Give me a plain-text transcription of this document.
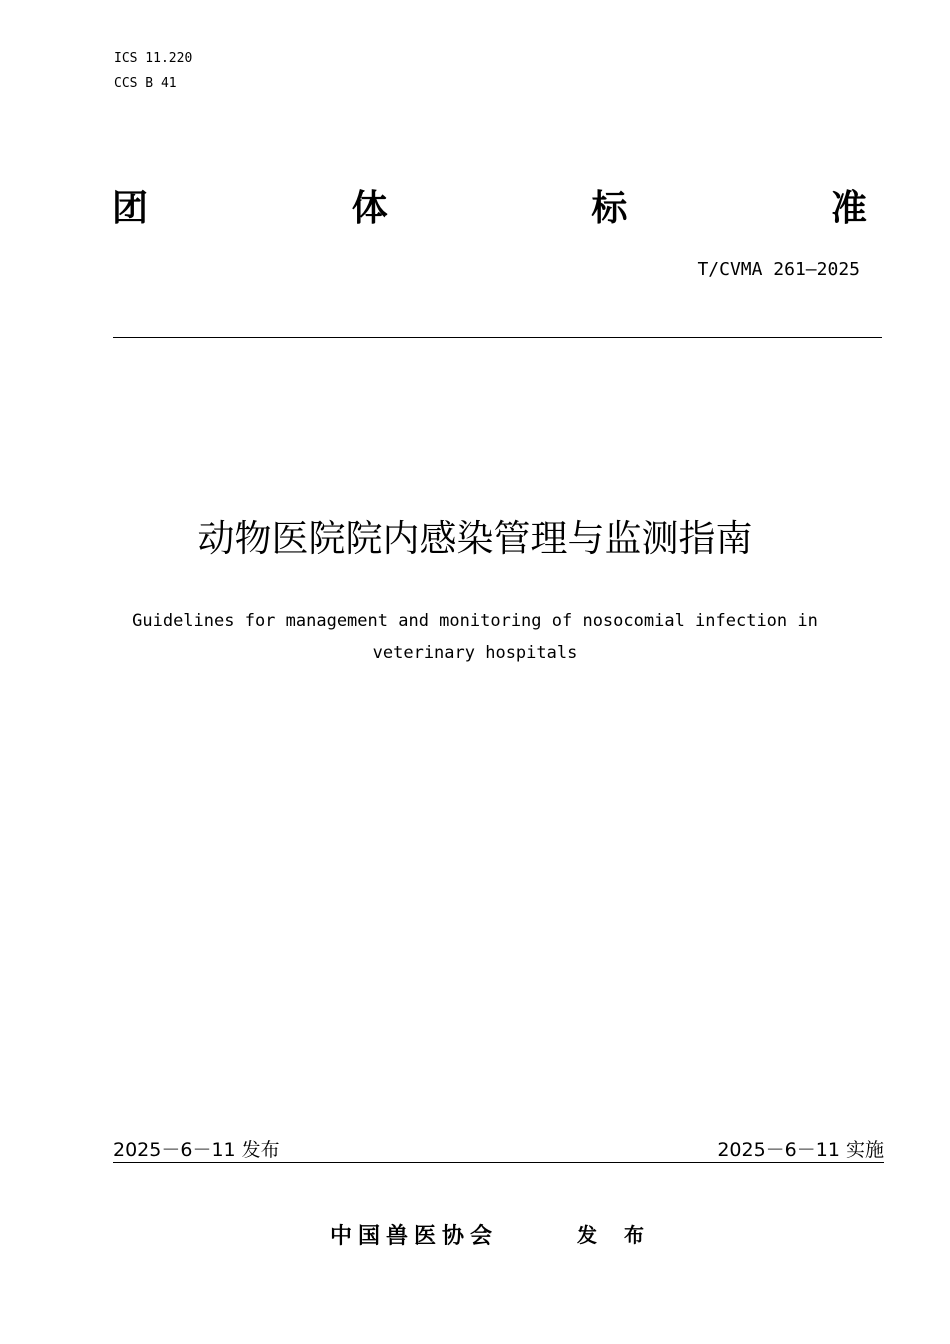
ICS 11.220
CCS B 41
团	体	标	准
T/CVMA 261—2025
动物医院院内感染管理与监测指南
Guidelines for management and monitoring of nosocomial infection in
veterinary hospitals
2025－6－11 发布	2025－6－11 实施
中国兽医协会	发 布
